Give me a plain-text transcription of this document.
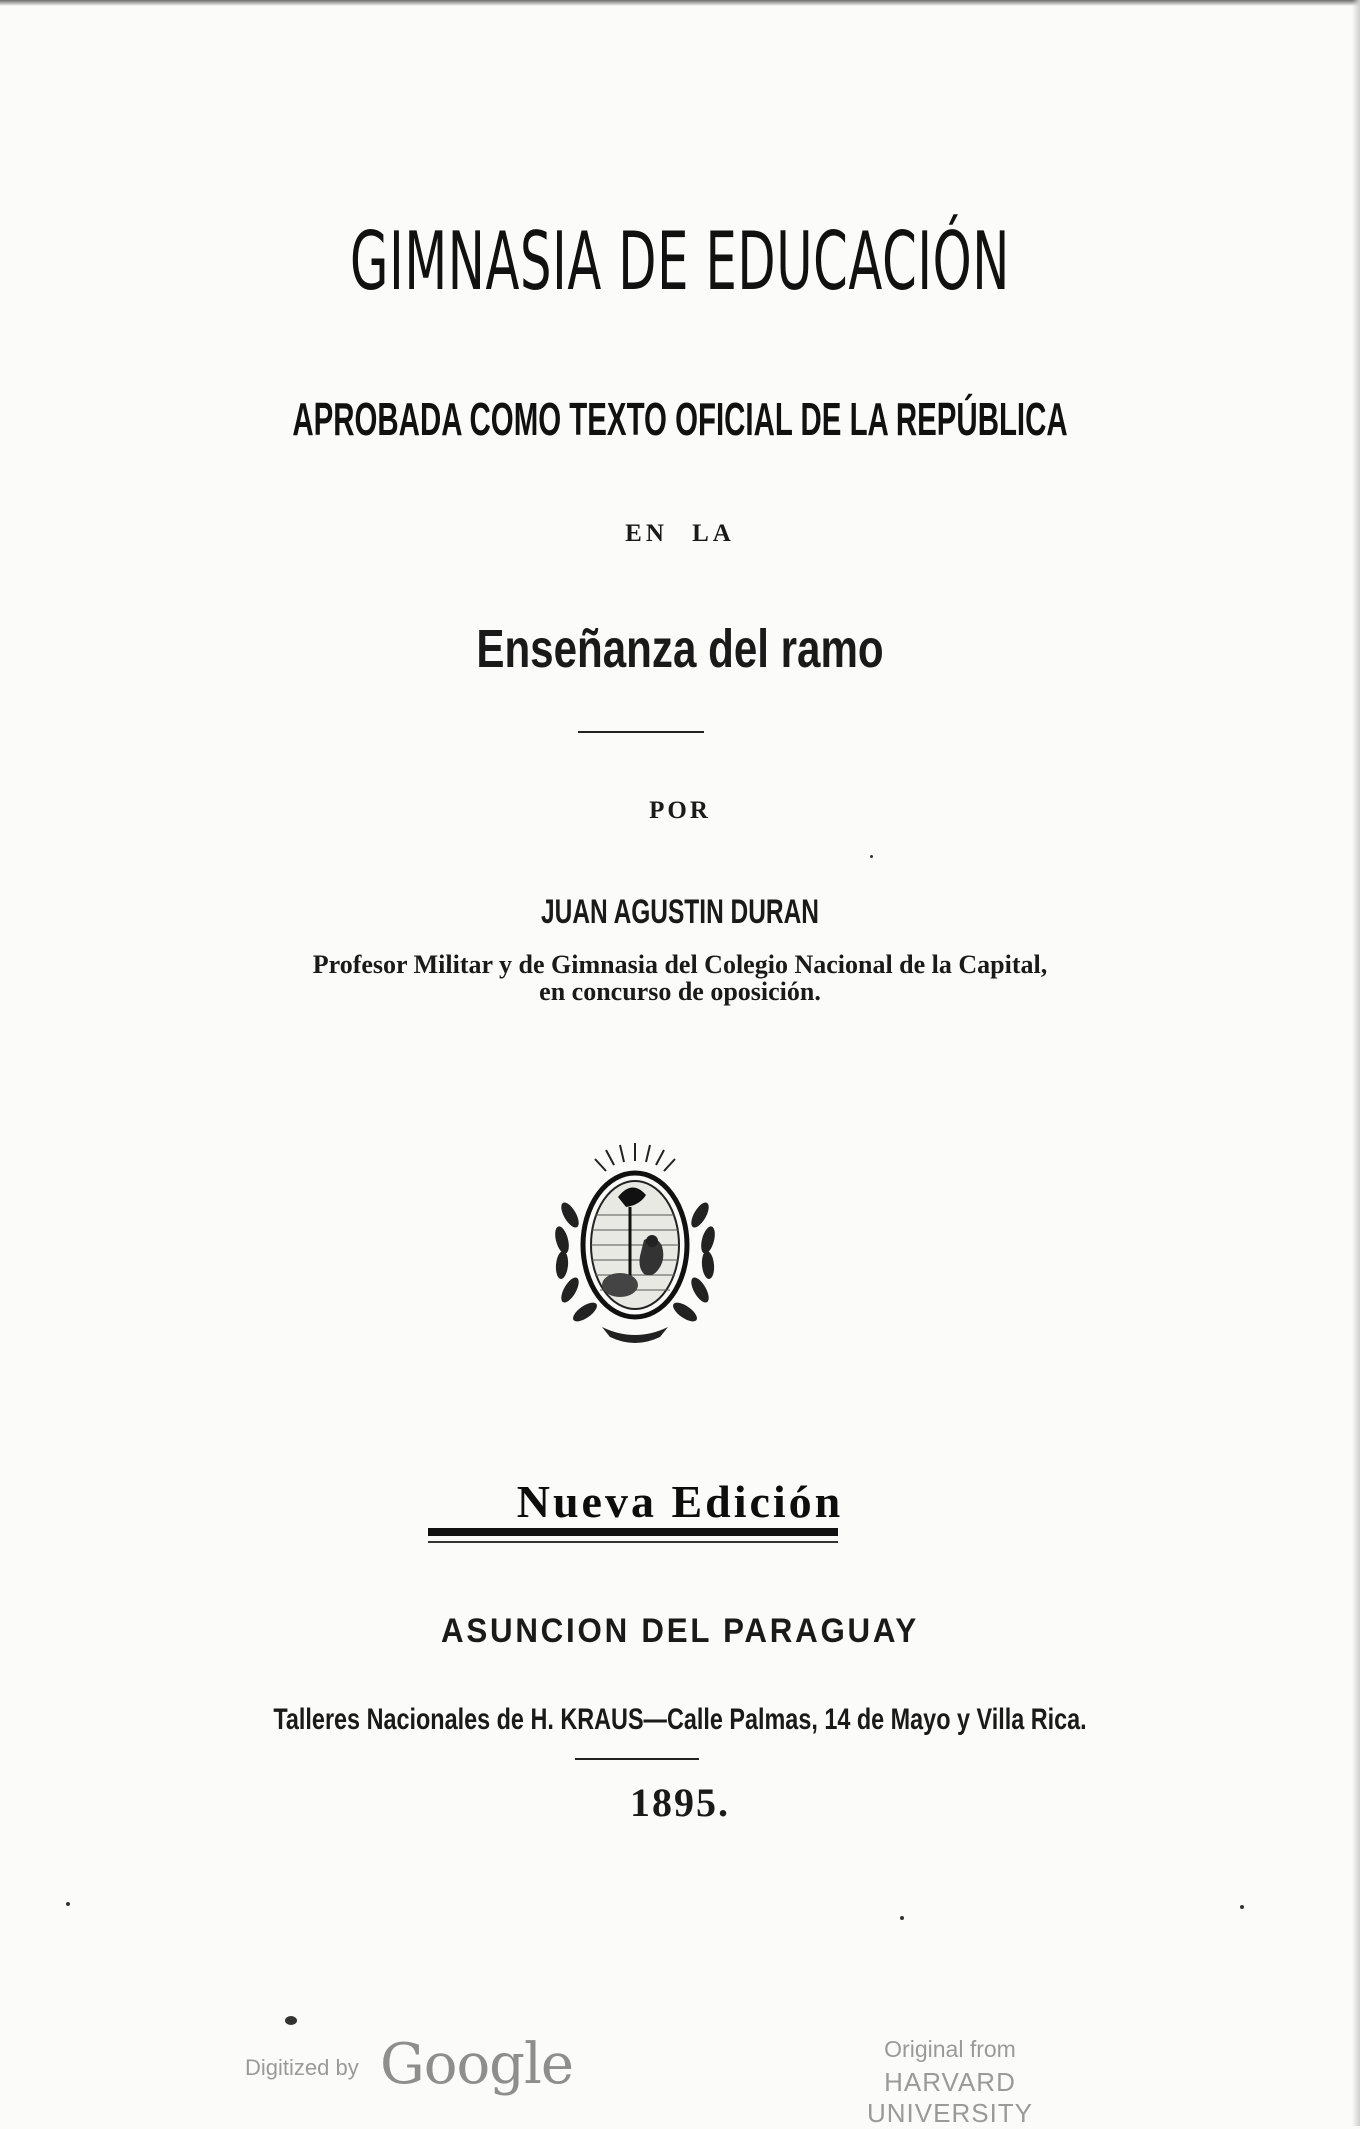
GIMNASIA DE EDUCACIÓN
APROBADA COMO TEXTO OFICIAL DE LA REPÚBLICA
EN LA
Enseñanza del ramo
POR
JUAN AGUSTIN DURAN
Profesor Militar y de Gimnasia del Colegio Nacional de la Capital,
en concurso de oposición.
Nueva Edición
ASUNCION DEL PARAGUAY
Talleres Nacionales de H. KRAUS—Calle Palmas, 14 de Mayo y Villa Rica.
1895.
Digitized by Google	Original from
HARVARD UNIVERSITY
